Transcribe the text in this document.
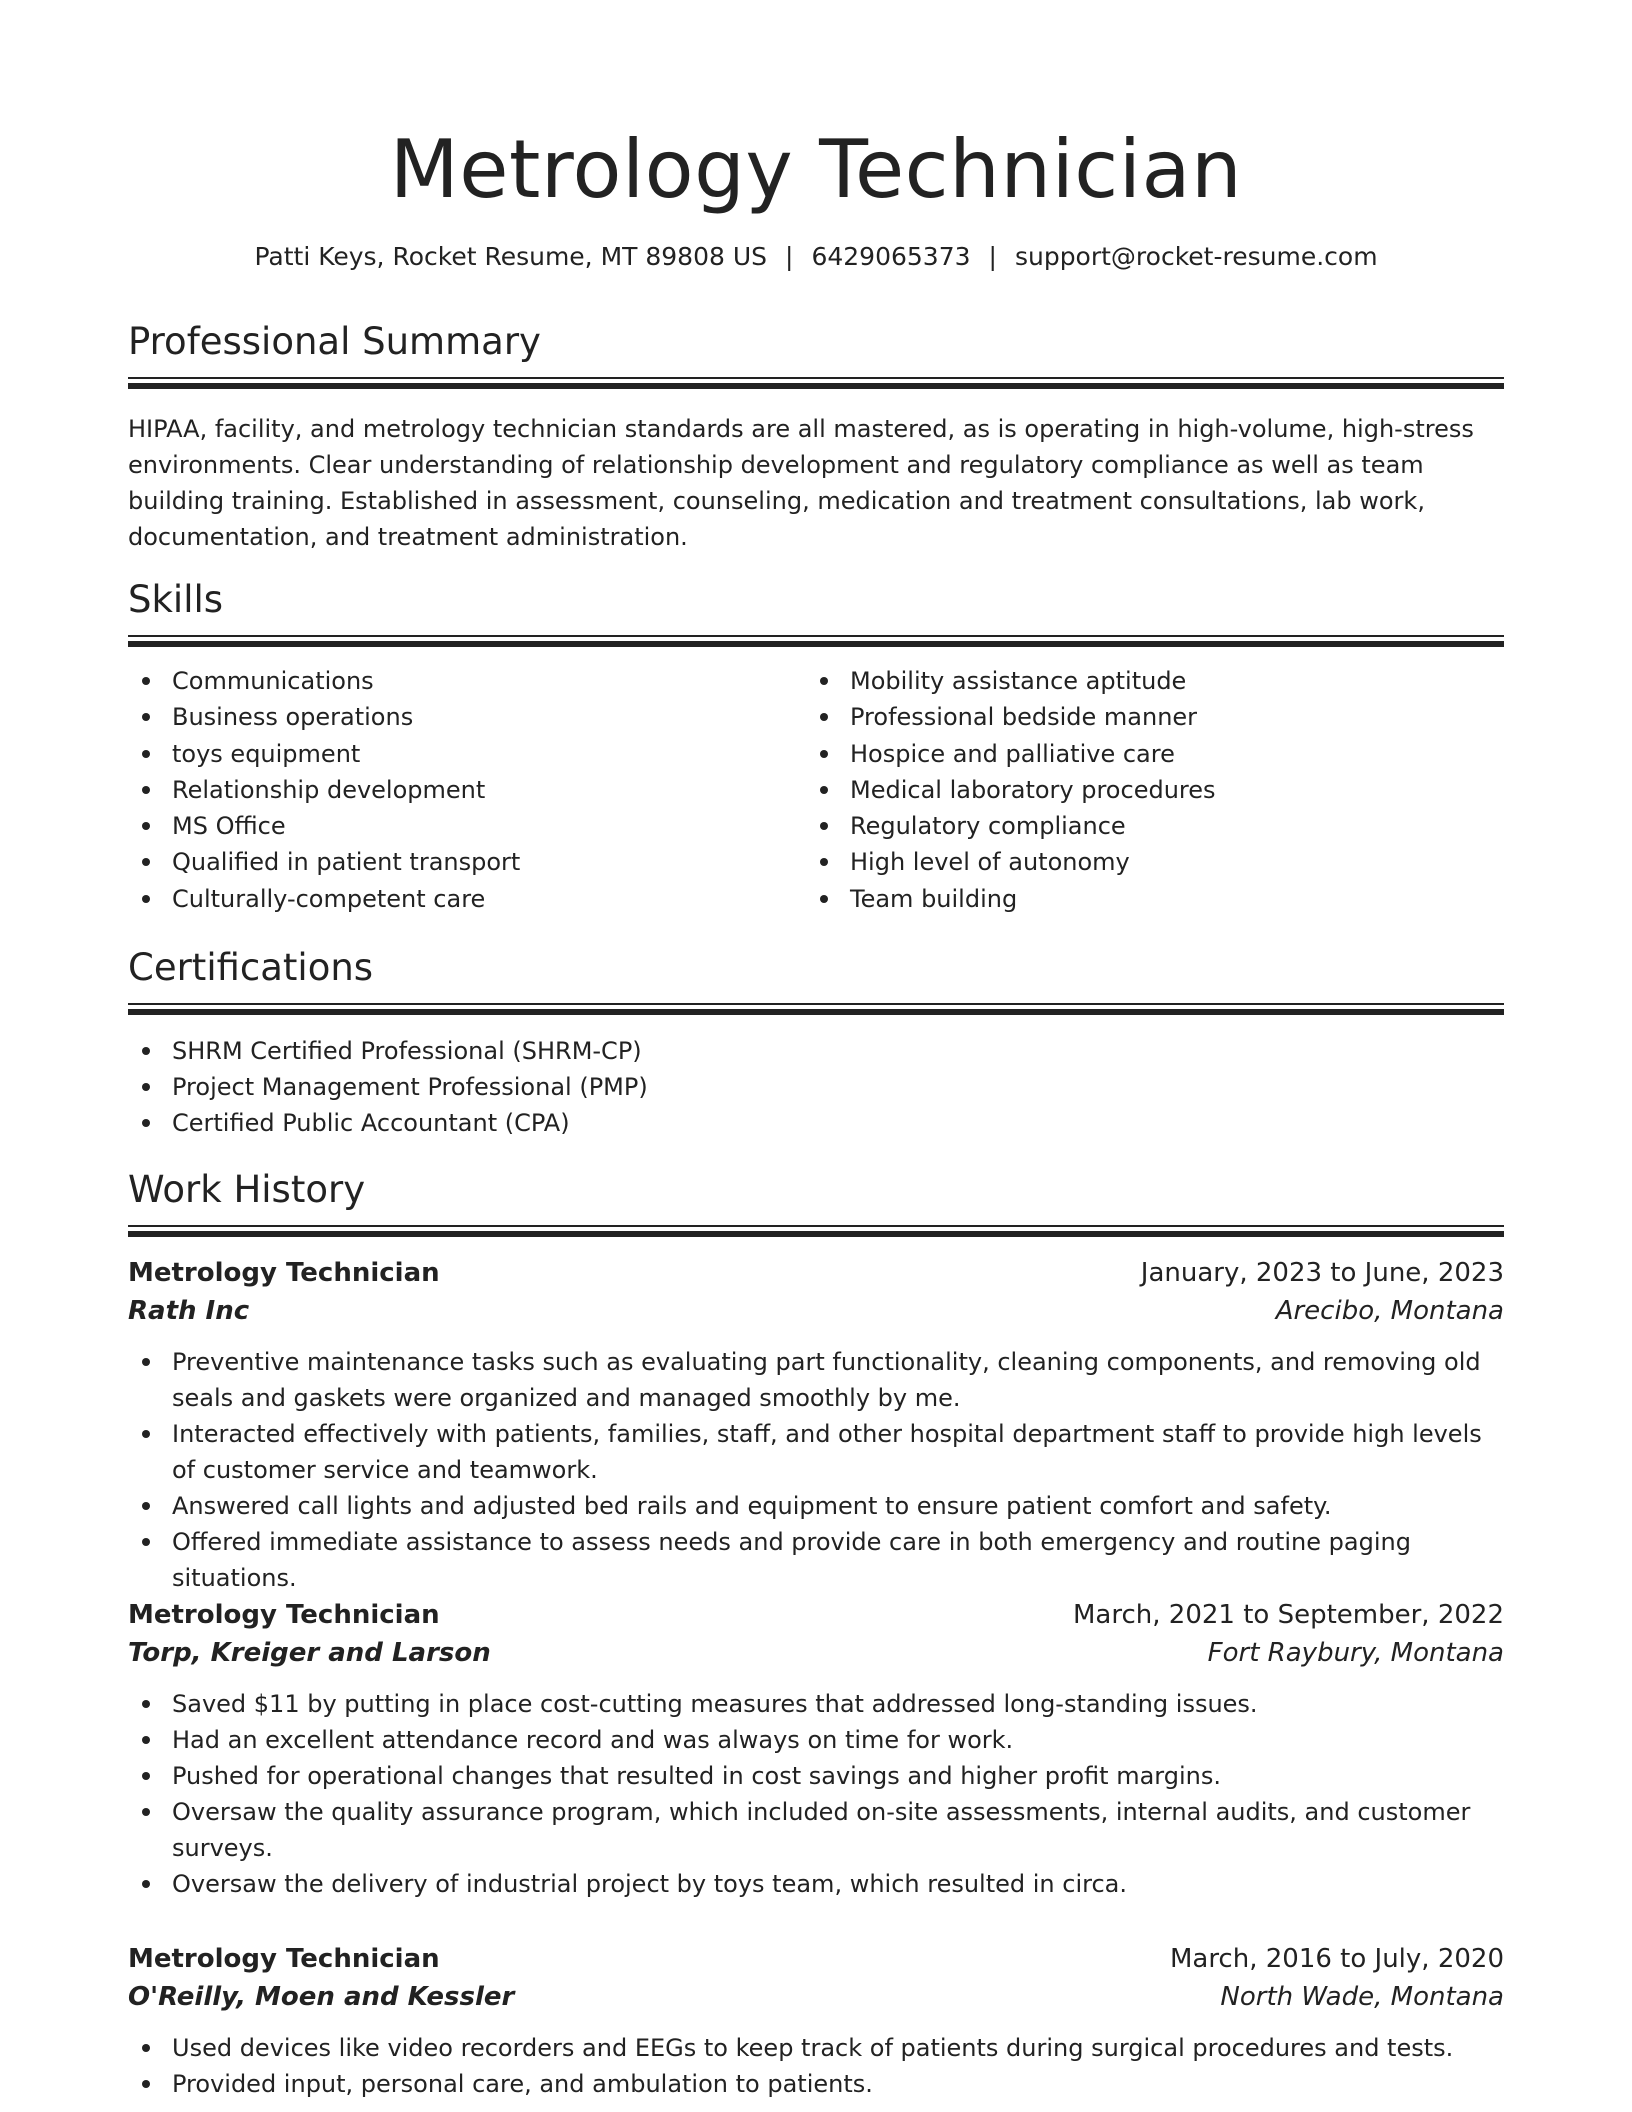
Metrology Technician
Patti Keys, Rocket Resume, MT 89808 US | 6429065373 | support@rocket-resume.com
Professional Summary

HIPAA, facility, and metrology technician standards are all mastered, as is operating in high-volume, high-stress environments. Clear understanding of relationship development and regulatory compliance as well as team building training. Established in assessment, counseling, medication and treatment consultations, lab work, documentation, and treatment administration.

Skills
Communications
Business operations
toys equipment
Relationship development
MS Office
Qualified in patient transport
Culturally-competent care
Mobility assistance aptitude
Professional bedside manner
Hospice and palliative care
Medical laboratory procedures
Regulatory compliance
High level of autonomy
Team building
Certifications
SHRM Certified Professional (SHRM-CP)
Project Management Professional (PMP)
Certified Public Accountant (CPA)
Work History
Metrology Technician	January, 2023 to June, 2023
Rath Inc	Arecibo, Montana
Preventive maintenance tasks such as evaluating part functionality, cleaning components, and removing old seals and gaskets were organized and managed smoothly by me.
Interacted effectively with patients, families, staff, and other hospital department staff to provide high levels of customer service and teamwork.
Answered call lights and adjusted bed rails and equipment to ensure patient comfort and safety.
Offered immediate assistance to assess needs and provide care in both emergency and routine paging situations.
Metrology Technician	March, 2021 to September, 2022
Torp, Kreiger and Larson	Fort Raybury, Montana
Saved $11 by putting in place cost-cutting measures that addressed long-standing issues.
Had an excellent attendance record and was always on time for work.
Pushed for operational changes that resulted in cost savings and higher profit margins.
Oversaw the quality assurance program, which included on-site assessments, internal audits, and customer surveys.
Oversaw the delivery of industrial project by toys team, which resulted in circa.
Metrology Technician	March, 2016 to July, 2020
O'Reilly, Moen and Kessler	North Wade, Montana
Used devices like video recorders and EEGs to keep track of patients during surgical procedures and tests.
Provided input, personal care, and ambulation to patients.
